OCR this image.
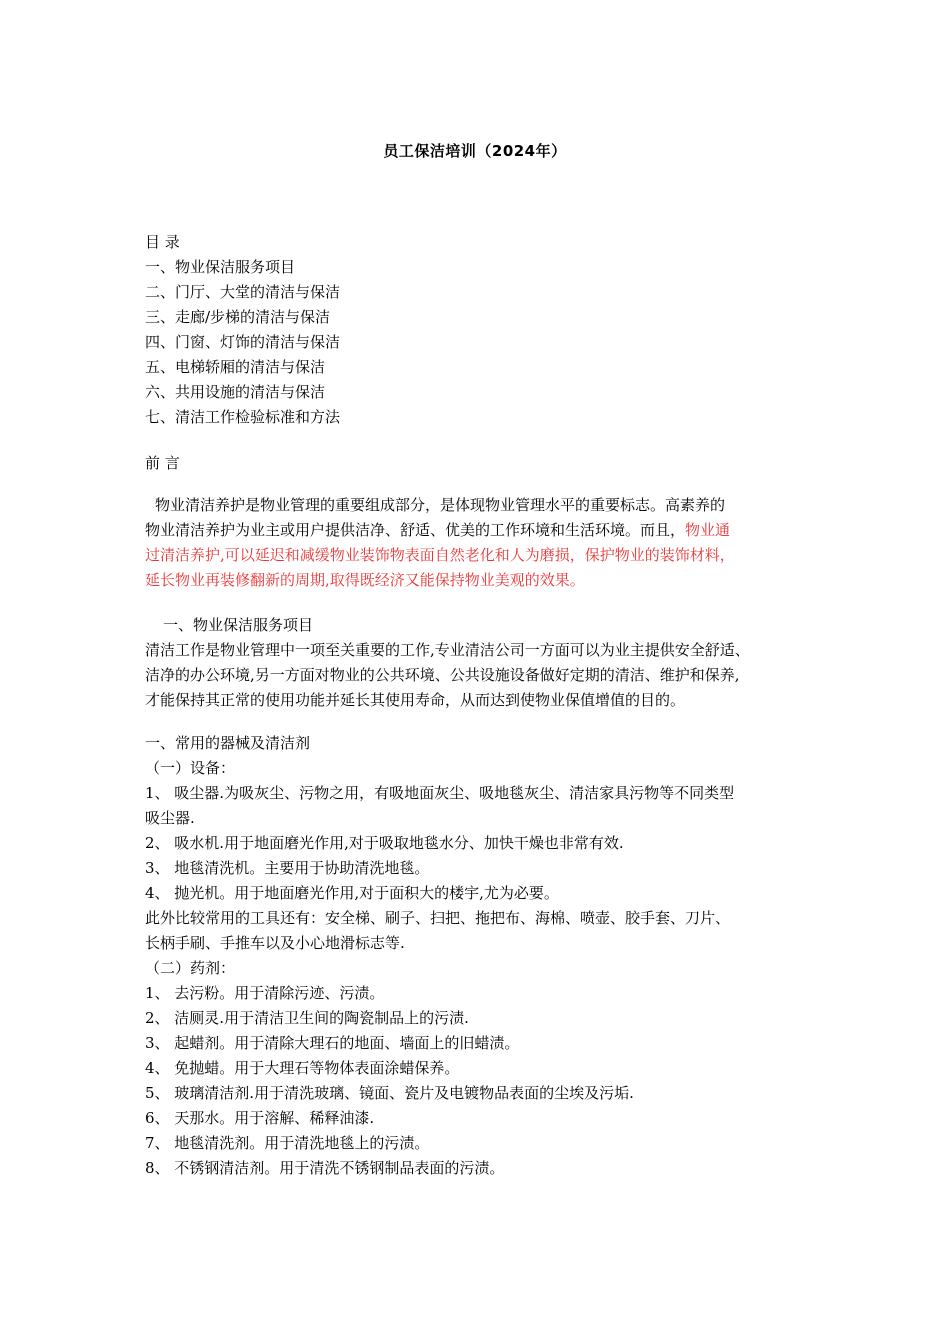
员工保洁培训（2024年）
目 录
一、物业保洁服务项目
二、门厅、大堂的清洁与保洁
三、走廊/步梯的清洁与保洁
四、门窗、灯饰的清洁与保洁
五、电梯轿厢的清洁与保洁
六、共用设施的清洁与保洁
七、清洁工作检验标准和方法
前 言
物业清洁养护是物业管理的重要组成部分，是体现物业管理水平的重要标志。高素养的
物业清洁养护为业主或用户提供洁净、舒适、优美的工作环境和生活环境。而且，物业通
过清洁养护,可以延迟和减缓物业装饰物表面自然老化和人为磨损，保护物业的装饰材料，
延长物业再装修翻新的周期,取得既经济又能保持物业美观的效果。
一、物业保洁服务项目
清洁工作是物业管理中一项至关重要的工作,专业清洁公司一方面可以为业主提供安全舒适、
洁净的办公环境,另一方面对物业的公共环境、公共设施设备做好定期的清洁、维护和保养,
才能保持其正常的使用功能并延长其使用寿命，从而达到使物业保值增值的目的。
一、常用的器械及清洁剂
（一）设备：
1、 吸尘器.为吸灰尘、污物之用，有吸地面灰尘、吸地毯灰尘、清洁家具污物等不同类型
吸尘器.
2、 吸水机.用于地面磨光作用,对于吸取地毯水分、加快干燥也非常有效.
3、 地毯清洗机。主要用于协助清洗地毯。
4、 抛光机。用于地面磨光作用,对于面积大的楼宇,尤为必要。
此外比较常用的工具还有：安全梯、刷子、扫把、拖把布、海棉、喷壶、胶手套、刀片、
长柄手刷、手推车以及小心地滑标志等.
（二）药剂：
1、 去污粉。用于清除污迹、污渍。
2、 洁厕灵.用于清洁卫生间的陶瓷制品上的污渍.
3、 起蜡剂。用于清除大理石的地面、墙面上的旧蜡渍。
4、 免抛蜡。用于大理石等物体表面涂蜡保养。
5、 玻璃清洁剂.用于清洗玻璃、镜面、瓷片及电镀物品表面的尘埃及污垢.
6、 天那水。用于溶解、稀释油漆.
7、 地毯清洗剂。用于清洗地毯上的污渍。
8、 不锈钢清洁剂。用于清洗不锈钢制品表面的污渍。
